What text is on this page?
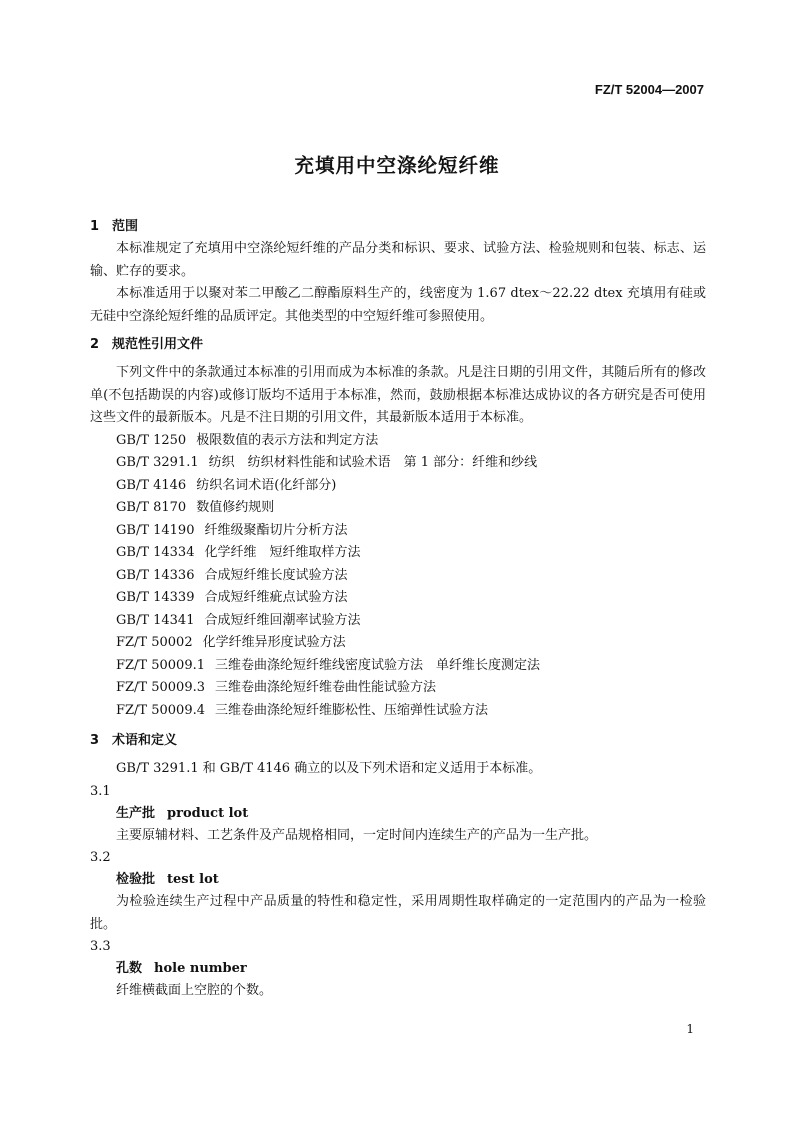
FZ/T 52004—2007
充填用中空涤纶短纤维

1 范围

本标准规定了充填用中空涤纶短纤维的产品分类和标识、要求、试验方法、检验规则和包装、标志、运输、贮存的要求。

本标准适用于以聚对苯二甲酸乙二醇酯原料生产的，线密度为 1.67 dtex～22.22 dtex 充填用有硅或无硅中空涤纶短纤维的品质评定。其他类型的中空短纤维可参照使用。

2 规范性引用文件

下列文件中的条款通过本标准的引用而成为本标准的条款。凡是注日期的引用文件，其随后所有的修改单(不包括勘误的内容)或修订版均不适用于本标准，然而，鼓励根据本标准达成协议的各方研究是否可使用这些文件的最新版本。凡是不注日期的引用文件，其最新版本适用于本标准。

GB/T 1250 极限数值的表示方法和判定方法

GB/T 3291.1 纺织　纺织材料性能和试验术语　第 1 部分：纤维和纱线

GB/T 4146 纺织名词术语(化纤部分)

GB/T 8170 数值修约规则

GB/T 14190 纤维级聚酯切片分析方法

GB/T 14334 化学纤维　短纤维取样方法

GB/T 14336 合成短纤维长度试验方法

GB/T 14339 合成短纤维疵点试验方法

GB/T 14341 合成短纤维回潮率试验方法

FZ/T 50002 化学纤维异形度试验方法

FZ/T 50009.1 三维卷曲涤纶短纤维线密度试验方法　单纤维长度测定法

FZ/T 50009.3 三维卷曲涤纶短纤维卷曲性能试验方法

FZ/T 50009.4 三维卷曲涤纶短纤维膨松性、压缩弹性试验方法

3 术语和定义

GB/T 3291.1 和 GB/T 4146 确立的以及下列术语和定义适用于本标准。

3.1

生产批 product lot

主要原辅材料、工艺条件及产品规格相同，一定时间内连续生产的产品为一生产批。

3.2

检验批 test lot

为检验连续生产过程中产品质量的特性和稳定性，采用周期性取样确定的一定范围内的产品为一检验批。

3.3

孔数 hole number

纤维横截面上空腔的个数。

1
